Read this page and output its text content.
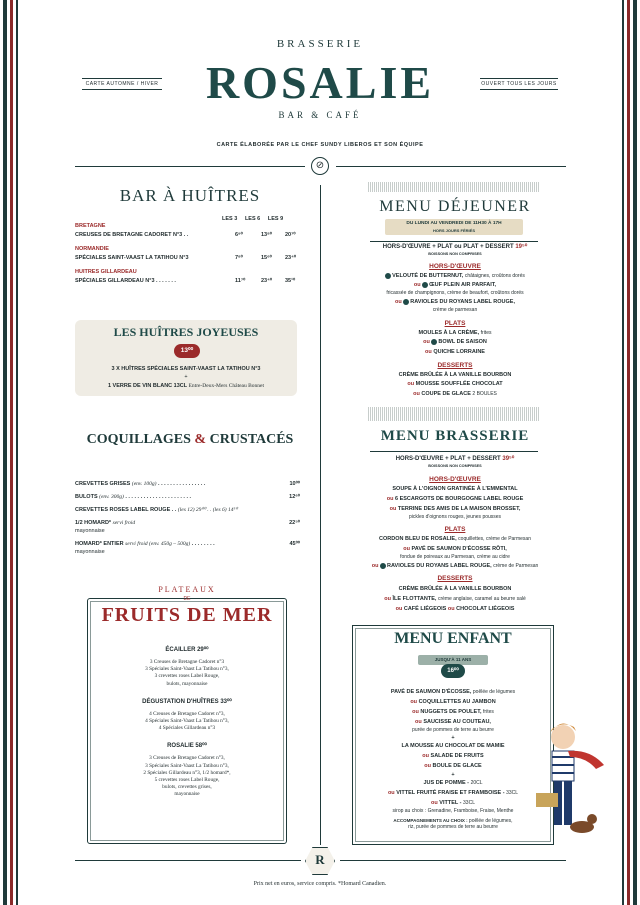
BRASSERIE
ROSALIE
BAR & CAFÉ
CARTE ÉLABORÉE PAR LE CHEF SUNDY LIBEROS ET SON ÉQUIPE
CARTE AUTOMNE / HIVER	OUVERT TOUS LES JOURS
⊘
BAR À HUÎTRES
LES 3 LES 6 LES 9
BRETAGNE
CREUSES DE BRETAGNE CADORET N°3 . .	6⁹⁰	13⁸⁰ 20⁷⁰
NORMANDIE
SPÉCIALES SAINT-VAAST LA TATIHOU N°3	7⁸⁰	15⁶⁰ 23⁴⁰
HUITRES GILLARDEAU
SPÉCIALES GILLARDEAU N°3 . . . . . . .	11⁷⁰	23⁴⁰ 35¹⁰
LES HUÎTRES JOYEUSES
13⁰⁰
3 X HUÎTRES SPÉCIALES SAINT-VAAST LA TATIHOU N°3
+
1 VERRE DE VIN BLANC 13CL Entre-Deux-Mers Château Bonnet
COQUILLAGES & CRUSTACÉS
CREVETTES GRISES (env. 100g) . . . . . . . . . . . . . . . .	10⁰⁰
BULOTS (env. 300g) . . . . . . . . . . . . . . . . . . . . . .	12⁶⁰
CREVETTES ROSES LABEL ROUGE . . (les 12) 29⁰⁰ . . (les 6) 14⁵⁰
1/2 HOMARD* servi froid	22⁵⁰
mayonnaise
HOMARD* ENTIER servi froid (env. 450g – 500g) . . . . . . . .	45⁰⁰
mayonnaise
PLATEAUX
DE
FRUITS DE MER
ÉCAILLER 29⁰⁰
3 Creuses de Bretagne Cadoret n°3
3 Spéciales Saint-Vaast La Tatihou n°3,
3 crevettes roses Label Rouge,
bulots, mayonnaise
DÉGUSTATION D'HUÎTRES 33⁰⁰
4 Creuses de Bretagne Cadoret n°3,
4 Spéciales Saint-Vaast La Tatihou n°3,
4 Spéciales Gillardeau n°3
ROSALIE 58⁰⁰
3 Creuses de Bretagne Cadoret n°3,
3 Spéciales Saint-Vaast La Tatihou n°3,
2 Spéciales Gillardeau n°3, 1/2 homard*,
5 crevettes roses Label Rouge,
bulots, crevettes grises,
mayonnaise
MENU DÉJEUNER
DU LUNDI AU VENDREDI DE 11H30 À 17H
HORS JOURS FÉRIÉS
HORS-D'ŒUVRE + PLAT ou PLAT + DESSERT 19⁵⁰
BOISSONS NON COMPRISES
HORS-D'ŒUVRE
VELOUTÉ DE BUTTERNUT, châtaignes, croûtons dorés
ou ŒUF PLEIN AIR PARFAIT,
fricassée de champignons, crème de beaufort, croûtons dorés
ou RAVIOLES DU ROYANS LABEL ROUGE,
crème de parmesan
PLATS
MOULES À LA CRÈME, frites
ou BOWL DE SAISON
ou QUICHE LORRAINE
DESSERTS
CRÈME BRÛLÉE À LA VANILLE BOURBON
ou MOUSSE SOUFFLÉE CHOCOLAT
ou COUPE DE GLACE 2 BOULES
MENU BRASSERIE
HORS-D'ŒUVRE + PLAT + DESSERT 39⁵⁰
BOISSONS NON COMPRISES
HORS-D'ŒUVRE
SOUPE À L'OIGNON GRATINÉE À L'EMMENTAL
ou 6 ESCARGOTS DE BOURGOGNE LABEL ROUGE
ou TERRINE DES AMIS DE LA MAISON BROSSET,
pickles d'oignons rouges, jeunes pousses
PLATS
CORDON BLEU DE ROSALIE, coquillettes, crème de Parmesan
ou PAVÉ DE SAUMON D'ÉCOSSE RÔTI,
fondue de poireaux au Parmesan, crème au cidre
ou RAVIOLES DU ROYANS LABEL ROUGE, crème de Parmesan
DESSERTS
CRÈME BRÛLÉE À LA VANILLE BOURBON
ou ÎLE FLOTTANTE, crème anglaise, caramel au beurre salé
ou CAFÉ LIÉGEOIS ou CHOCOLAT LIÉGEOIS
MENU ENFANT
JUSQU'À 11 ANS
16⁰⁰
PAVÉ DE SAUMON D'ÉCOSSE, poêlée de légumes
ou COQUILLETTES AU JAMBON
ou NUGGETS DE POULET, frites
ou SAUCISSE AU COUTEAU,
purée de pommes de terre au beurre
+
LA MOUSSE AU CHOCOLAT DE MAMIE
ou SALADE DE FRUITS
ou BOULE DE GLACE
+
JUS DE POMME - 20CL
ou VITTEL FRUITÉ FRAISE ET FRAMBOISE - 33CL
ou VITTEL - 33CL
sirop au choix : Grenadine, Framboise, Fraise, Menthe
ACCOMPAGNEMENTS AU CHOIX : poêlée de légumes,
riz, purée de pommes de terre au beurre
R
Prix net en euros, service compris. *Homard Canadien.
